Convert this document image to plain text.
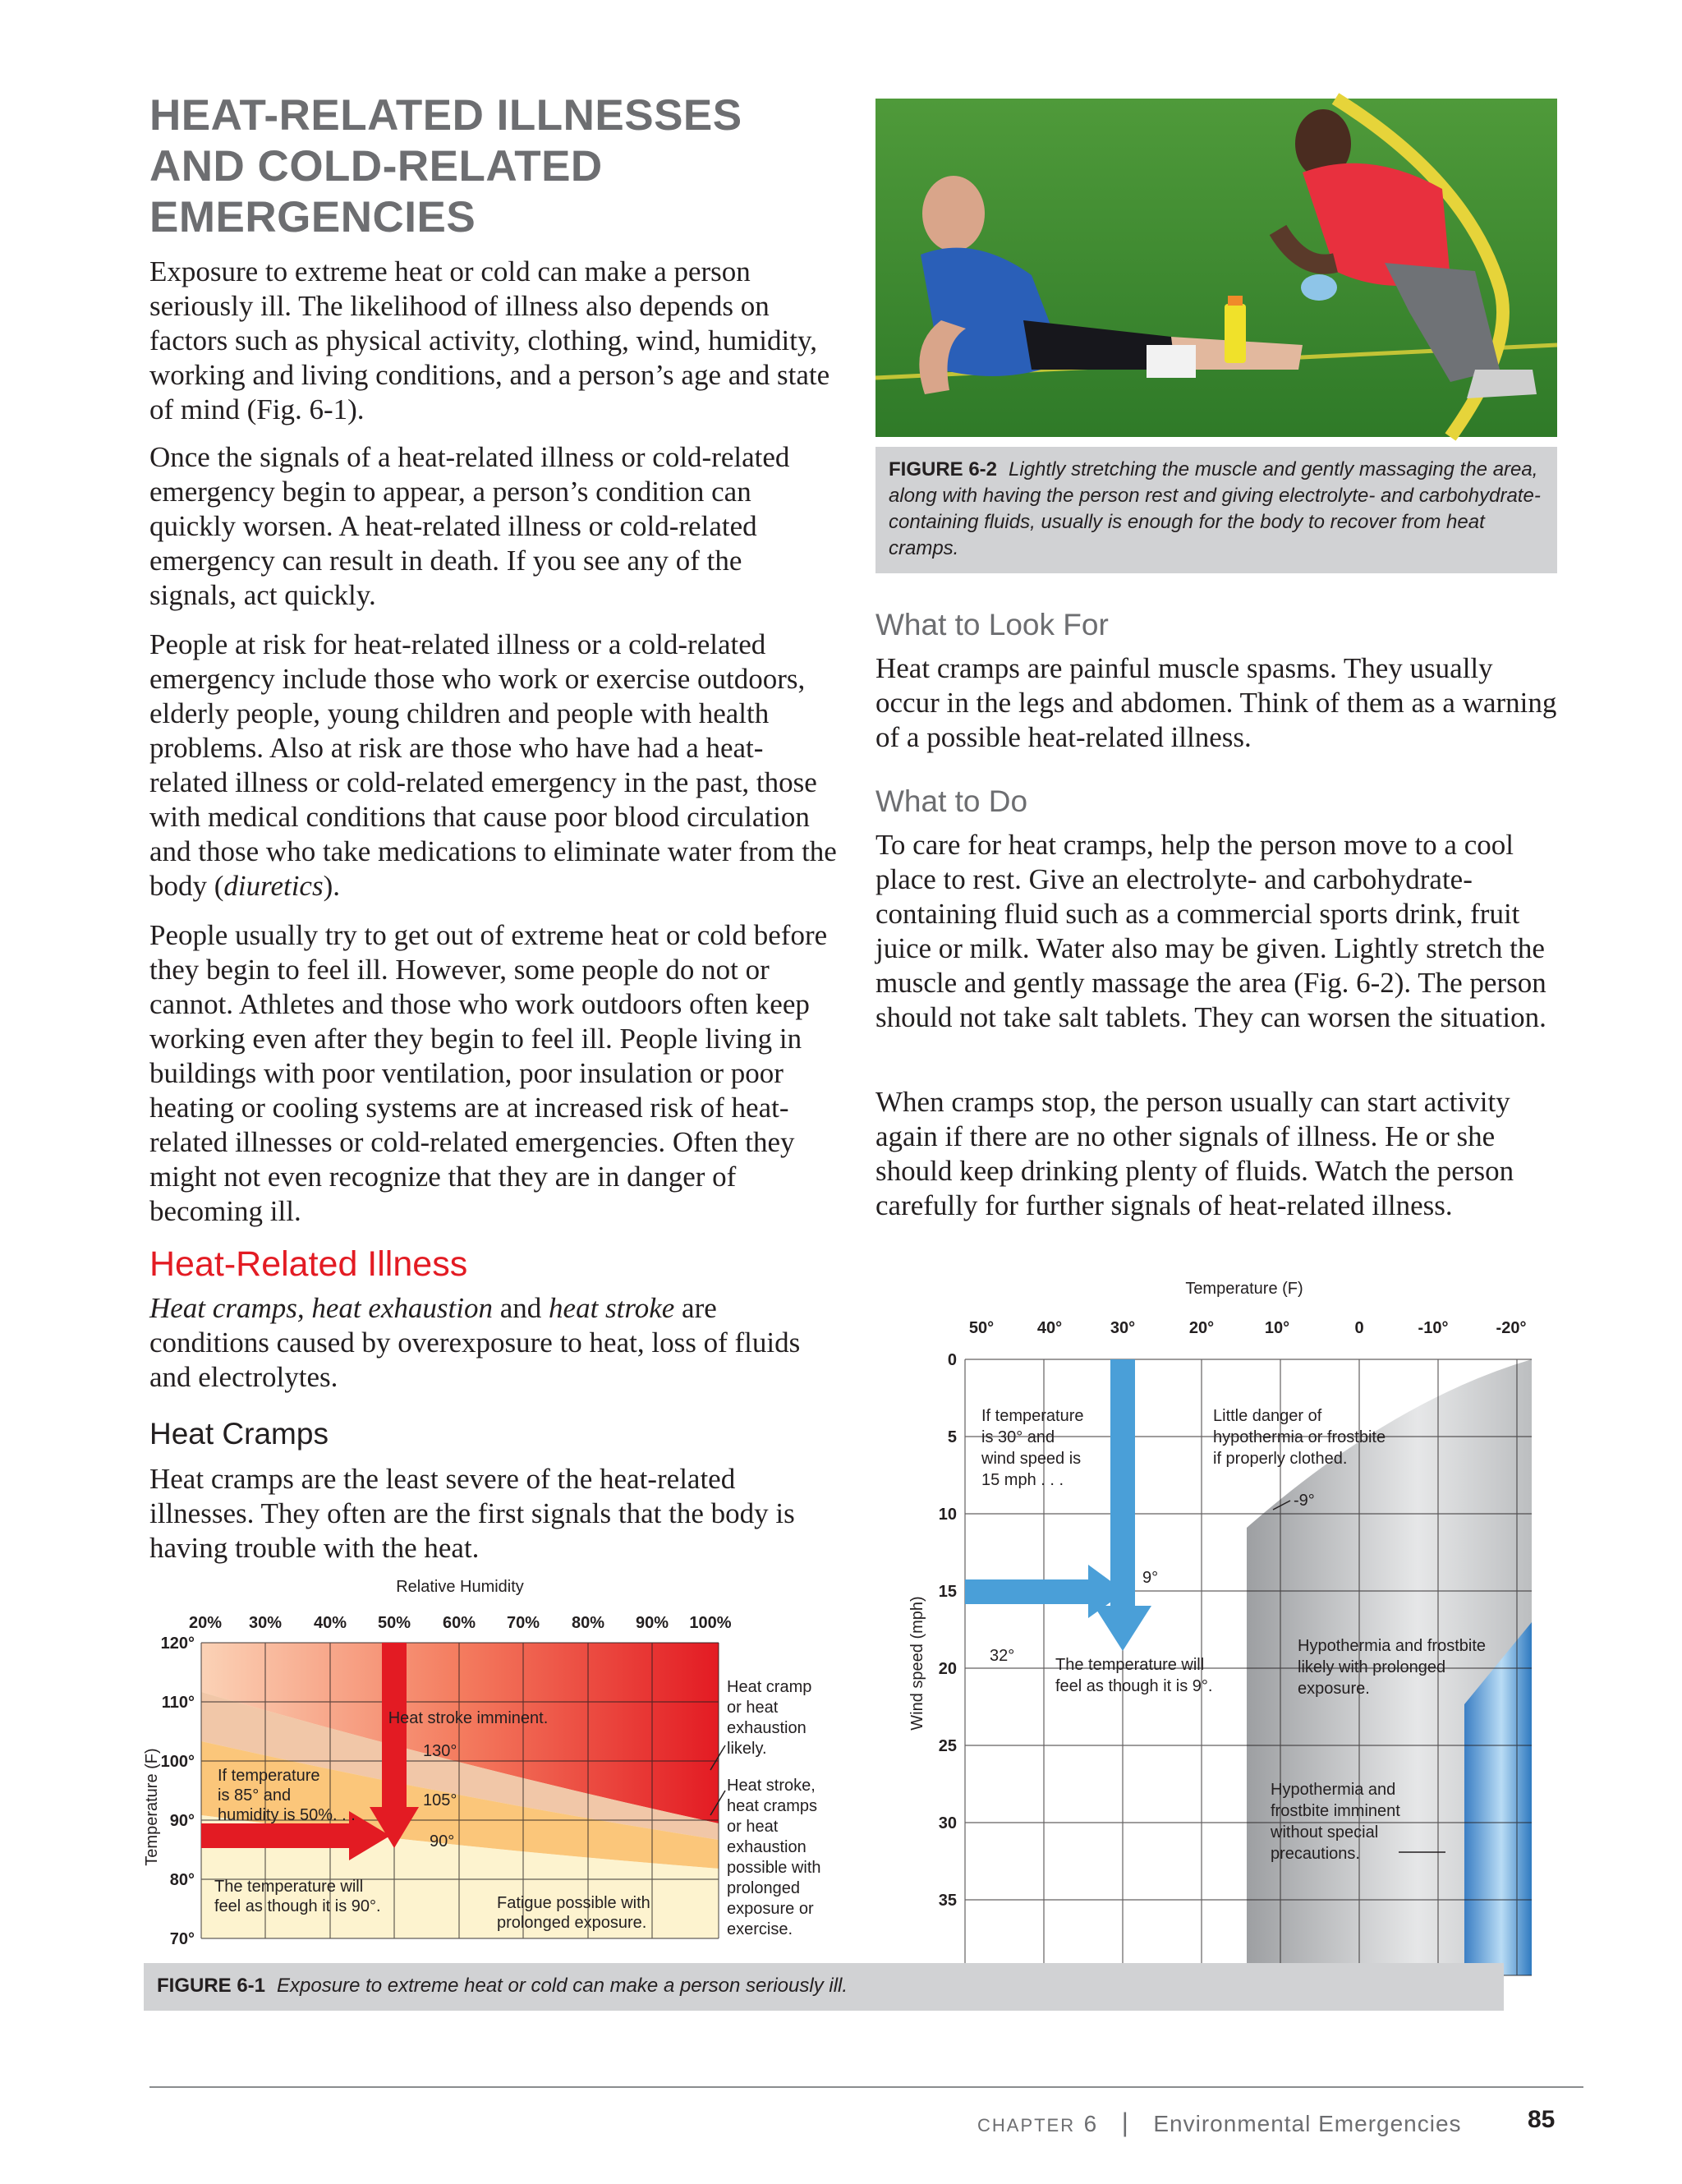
HEAT-RELATED ILLNESSES
AND COLD-RELATED
EMERGENCIES

Exposure to extreme heat or cold can make a person seriously ill. The likelihood of illness also depends on factors such as physical activity, clothing, wind, humidity, working and living conditions, and a person’s age and state of mind (Fig. 6-1).

Once the signals of a heat-related illness or cold-related emergency begin to appear, a person’s condition can quickly worsen. A heat-related illness or cold-related emergency can result in death. If you see any of the signals, act quickly.

People at risk for heat-related illness or a cold-related emergency include those who work or exercise outdoors, elderly people, young children and people with health problems. Also at risk are those who have had a heat-related illness or cold-related emergency in the past, those with medical conditions that cause poor blood circulation and those who take medications to eliminate water from the body (diuretics).

People usually try to get out of extreme heat or cold before they begin to feel ill. However, some people do not or cannot. Athletes and those who work outdoors often keep working even after they begin to feel ill. People living in buildings with poor ventilation, poor insulation or poor heating or cooling systems are at increased risk of heat-related illnesses or cold-related emergencies. Often they might not even recognize that they are in danger of becoming ill.

Heat-Related Illness

Heat cramps, heat exhaustion and heat stroke are conditions caused by overexposure to heat, loss of fluids and electrolytes.

Heat Cramps

Heat cramps are the least severe of the heat-related illnesses. They often are the first signals that the body is having trouble with the heat.

FIGURE 6-2 Lightly stretching the muscle and gently massaging the area, along with having the person rest and giving electrolyte- and carbohydrate-containing fluids, usually is enough for the body to recover from heat cramps.
What to Look For

Heat cramps are painful muscle spasms. They usually occur in the legs and abdomen. Think of them as a warning of a possible heat-related illness.

What to Do

To care for heat cramps, help the person move to a cool place to rest. Give an electrolyte- and carbohydrate-containing fluid such as a commercial sports drink, fruit juice or milk. Water also may be given. Lightly stretch the muscle and gently massage the area (Fig. 6-2). The person should not take salt tablets. They can worsen the situation.

When cramps stop, the person usually can start activity again if there are no other signals of illness. He or she should keep drinking plenty of fluids. Watch the person carefully for further signals of heat-related illness.

Relative Humidity
20% 30% 40% 50% 60% 70% 80% 90% 100%
120°
110°
100°
90°
80°
70°
Temperature (F)
Heat stroke imminent.
130°
105°
90°
If temperature
is 85° and
humidity is 50%. . .
The temperature will
feel as though it is 90°.	Fatigue possible with
prolonged exposure.
Heat cramp
or heat
exhaustion
likely.
Heat stroke,
heat cramps
or heat
exhaustion
possible with
prolonged
exposure or
exercise.
Temperature (F)
50°	40°	30°	20°	10°	0	-10°	-20°
0
5
10
15
20
25
30
35
Wind speed (mph)
If temperature
is 30° and
wind speed is
15 mph . . .
Little danger of
hypothermia or frostbite
if properly clothed.
The temperature will
feel as though it is 9°.
Hypothermia and frostbite
likely with prolonged
exposure.
Hypothermia and
frostbite imminent
without special
precautions.
-9°
9°
32°
FIGURE 6-1 Exposure to extreme heat or cold can make a person seriously ill.
CHAPTER 6 | Environmental Emergencies	85
